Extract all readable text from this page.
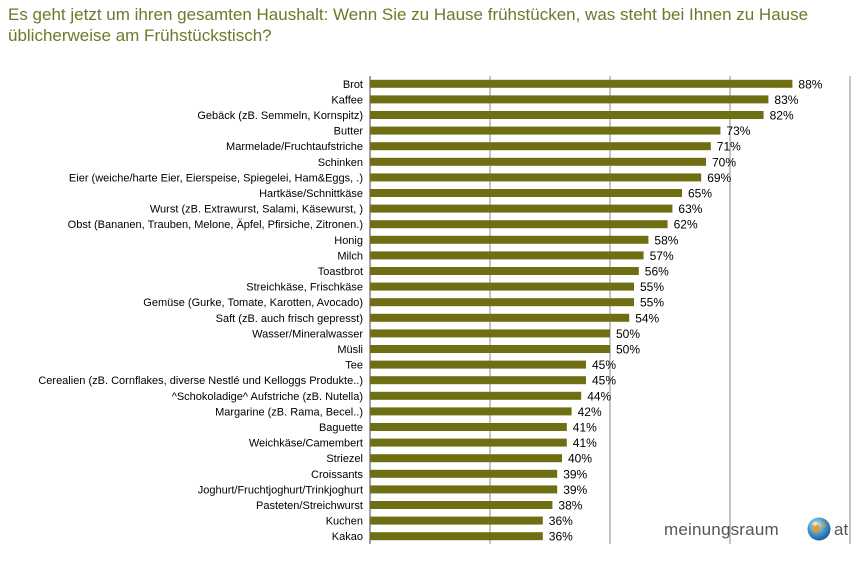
Es geht jetzt um ihren gesamten Haushalt: Wenn Sie zu Hause frühstücken, was steht bei Ihnen zu Hause üblicherweise am Frühstückstisch?
Brot
Kaffee
Gebäck (zB. Semmeln, Kornspitz)
Butter
Marmelade/Fruchtaufstriche
Schinken
Eier (weiche/harte Eier, Eierspeise, Spiegelei, Ham&Eggs, .)
Hartkäse/Schnittkäse
Wurst (zB. Extrawurst, Salami, Käsewurst, )
Obst (Bananen, Trauben, Melone, Äpfel, Pfirsiche, Zitronen.)
Honig
Milch
Toastbrot
Streichkäse, Frischkäse
Gemüse (Gurke, Tomate, Karotten, Avocado)
Saft (zB. auch frisch gepresst)
Wasser/Mineralwasser
Müsli
Tee
Cerealien (zB. Cornflakes, diverse Nestlé und Kelloggs Produkte..)
^Schokoladige^ Aufstriche (zB. Nutella)
Margarine (zB. Rama, Becel..)
Baguette
Weichkäse/Camembert
Striezel
Croissants
Joghurt/Fruchtjoghurt/Trinkjoghurt
Pasteten/Streichwurst
Kuchen
Kakao
88%
83%
82%
73%
71%
70%
69%
65%
63%
62%
58%
57%
56%
55%
55%
54%
50%
50%
45%
45%
44%
42%
41%
41%
40%
39%
39%
38%
36%
36%	meinungsraum	at
